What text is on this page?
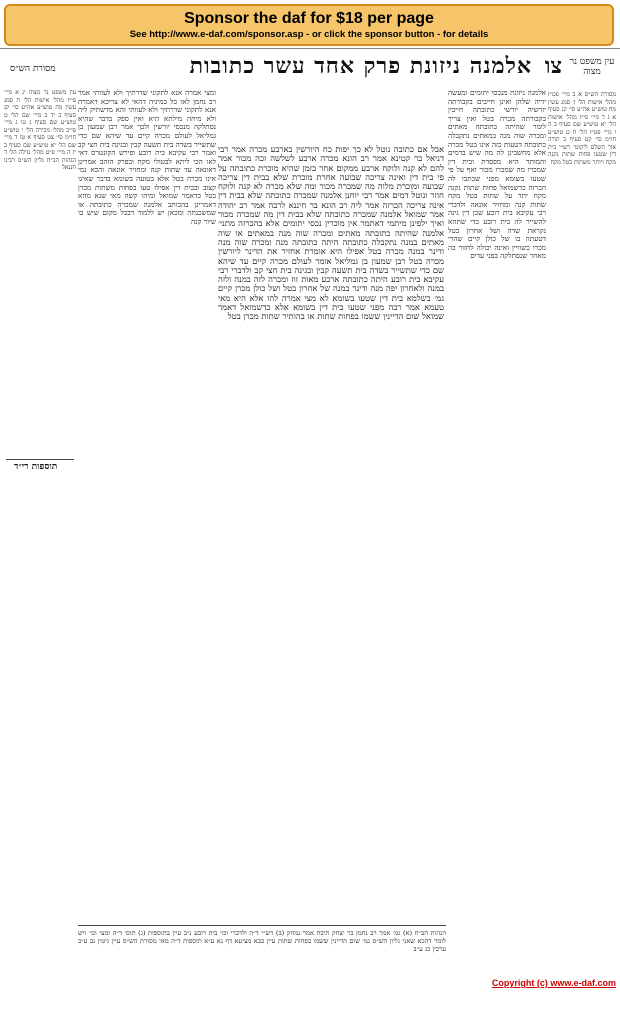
Sponsor the daf for $18 per page
See http://www.e-daf.com/sponsor.asp - or click the sponsor button - for details
עין משפט נר מצוה
צו
אלמנה ניזונת פרק אחד עשר כתובות
מסורת הש״ס
מסורת הש״ס א ב מיי׳ פט״ז מהל׳ אישות הל׳ ז׳ סמג עשין מח טוש״ע אה״ע סי׳ קג סעיף א ג ד מיי׳ פי״ז מהל׳ אישות הל׳ יא טוש״ע שם סעיף ב ה ו מיי׳ פט״ז הל׳ ח ט טוש״ע חו״מ סי׳ קט סעיף ב תורה אור השלם ליקוטי רש״י בית דין שטעו פחות שתות נקנה מקח ויותר משתות בטל מקח
אלמנה ניזונת מנכסי יתומים ומעשה ידיה שלהן ואינן חייבים בקבורתה יורשיה יורשי כתובתה חייבין בקבורתה מכרה בטל ואין צריך לומר שהיתה כתובתה מאתים ומכרה שוה מנה במאתים נתקבלה כתובתה דטעות כזה אינו בטל מכרה אלא מחשבינן לה מה שיש בדמים והמותר היא מפסדת ובית דין שמכרו מה שמכרו מכור ואף על פי שטעו בשומא מפני שכתבו לה הכרזה כדשמואל פחות שתות נקנה מקח יתר על שתות בטל מקח שתות קנה ומחזיר אונאה ולדברי רבי עקיבא בית רובע שכן דין גינה להשייר לה בית רובע כדי שתהא נקראת שדה ושל אחרון בטל דטעתה בו של כולן קיים שהרי מכרו כשוויין ואינה יכולה לחזור בה מאחר שנסתלקה בפני עדים
אבל אם כתובה נוטל לא כך יפות כח היורשין בארבע מכרה אמר רבי דניאל בר קטינא אמר רב הונא מכרה ארבע לשלשה זכה מכור אמר להם לא קנה ולוקח ארבע ממקום אחר בזמן שהיא מוכרת כתובתה על פי בית דין ואינה צריכה שבועה אחרת מוכרת שלא בבית דין צריכה שבועה ומוכרת מלוה מה שמכרה מכור ומה שלא מכרה לא קנה ולוקח חוזר ונוטל דמים אמר רבי יוחנן אלמנה שמכרה כתובתה שלא בבית דין אינה צריכה הכרזה אמר ליה רב הונא בר חיננא לרבה אמר רב יהודה אמר שמואל אלמנה שמכרה כתובתה שלא בבית דין מה שמכרה מכור ואיך ילפינן מיתמי דאתמר אין מוכרין נכסי יתומים אלא בהכרזה מתני׳ אלמנה שהיתה כתובתה מאתים ומכרה שוה מנה במאתים או שוה מאתים במנה נתקבלה כתובתה היתה כתובתה מנה ומכרה שוה מנה ודינר במנה מכרה בטל אפילו היא אומרת אחזיר את הדינר ליורשין מכרה בטל רבן שמעון בן גמליאל אומר לעולם מכרה קיים עד שיהא שם כדי שתשייר בשדה בית תשעה קבין ובגינה בית חצי קב ולדברי רבי עקיבא בית רובע היתה כתובתה ארבע מאות זוז ומכרה לזה במנה ולזה במנה ולאחרון יפה מנה ודינר במנה של אחרון בטל ושל כולן מכרן קיים גמ׳ בשלמא בית דין שטעו בשומא לא מצי אמרה להו אלא היא מאי טעמא אמר רבה מפני שטעו בית דין בשומא אלא כדשמואל דאמר שמואל שום הדיינין ששמו בפחות שתות או בהותיר שתות מכרן בטל
ומצי אמרה אנא לתקוני שדרתיך ולא לעוותי אמר רב נחמן לאו כל כמיניה דהאי לא צריכא דאמרה אנא לתקוני שדרתיך ולא לעוותי והא מדשתיק ליה ולא מיחה מילתא היא ואין ספק בדבר שהיא נסתלקה מנכסי יורשין ולכך אמר רבן שמעון בן גמליאל לעולם מכרה קיים עד שיהא שם כדי שתשייר בשדה בית תשעה קבין ובגינה בית חצי קב ואמר רבי עקיבא בית רובע ופירש הקונטרס דאי לאו הכי ליתא לבטולי מקח ובפרק הזהב אמרינן דאונאה עד שתות קנה ומחזיר אונאה והכא נמי אינו מכרה בטל אלא בטועה בשומא בדבר שאינו קצוב ובבית דין אפילו טעו בפחות משתות מכרן בטל כדאמר שמואל ומיהו קשה מאי שנא מהא דאמרינן בהכותב אלמנה שמכרה כתובתה או שמשכנתה ומכאן יש ללמוד דבכל מקום שיש בו שיור קנה
עין משפט נר מצוה יג א מיי׳ פי״ז מהל׳ אישות הל׳ ח סמג עשין מח טוש״ע אה״ע סי׳ קג סעיף ב יד ב מיי׳ שם הל׳ ט טוש״ע שם סעיף ג טו ג מיי׳ פי״ב מהל׳ מכירה הל׳ י טוש״ע חו״מ סי׳ צט סעיף א טז ד מיי׳ שם הל׳ יא טוש״ע שם סעיף ב יז ה מיי׳ פ״ט מהל׳ גזילה הל׳ ד הגהות הב״ח גליון הש״ס רבינו חננאל
תוספות רי״ד
הגהות הב״ח (א) גמ׳ אמר רב נחמן בר יצחק תיבת אמר נמחק (ב) רש״י ד״ה ולדברי וכו׳ בית רובע נ״ב עיין בתוספות (ג) תוס׳ ד״ה ומצי וכו׳ ויש לומר דהכא שאני גליון הש״ס גמ׳ שום הדיינין ששמו בפחות שתות עיין בבא מציעא דף נא ע״א תוספות ד״ה מאי מסורת הש״ס עיין גיטין נב ע״ב ערכין כג ע״ב
Copyright (c) www.e-daf.com
